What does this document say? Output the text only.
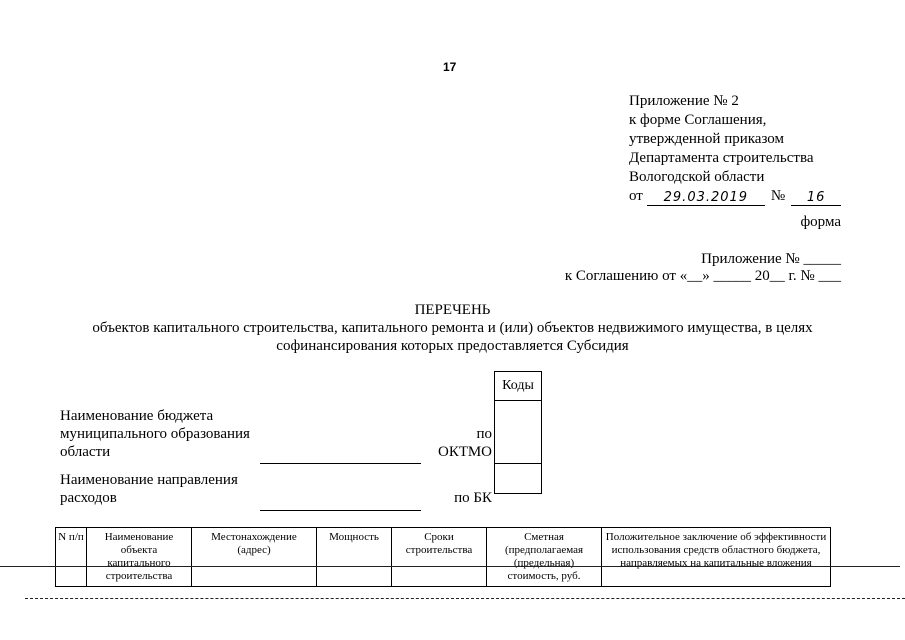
17
Приложение № 2
к форме Соглашения,
утвержденной приказом
Департамента строительства
Вологодской области
от	29.03.2019	№	16
форма
Приложение № _____
к Соглашению от «__» _____ 20__ г. № ___
ПЕРЕЧЕНЬ
объектов капитального строительства, капитального ремонта и (или) объектов недвижимого имущества, в целях
софинансирования которых предоставляется Субсидия
Коды
Наименование бюджета
муниципального образования
области
по
ОКТМО
Наименование направления
расходов	по БК
N п/п	Наименование объекта капитального строительства	Местонахождение (адрес)	Мощность	Сроки строительства	Сметная (предполагаемая (предельная) стоимость, руб.	Положительное заключение об эффективности использования средств областного бюджета, направляемых на капитальные вложения
